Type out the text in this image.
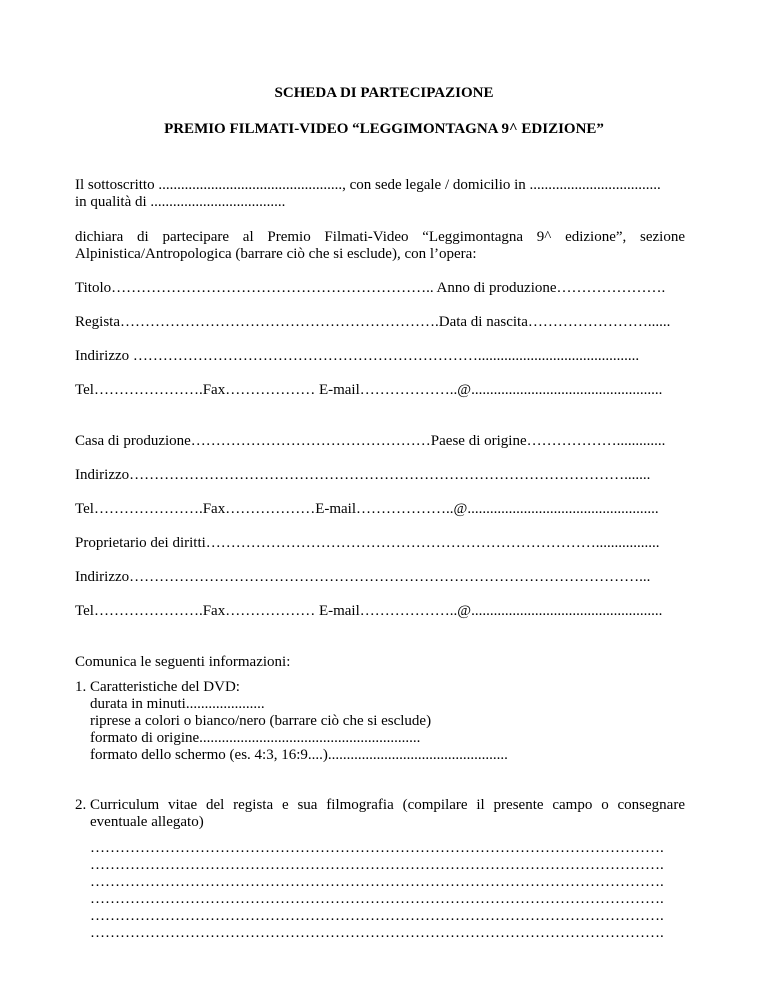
SCHEDA DI PARTECIPAZIONE
PREMIO FILMATI-VIDEO “LEGGIMONTAGNA 9^ EDIZIONE”
Il sottoscritto ................................................., con sede legale / domicilio in ...................................
in qualità di ....................................
dichiara di partecipare al Premio Filmati-Video “Leggimontagna 9^ edizione”, sezione
Alpinistica/Antropologica (barrare ciò che si esclude), con l’opera:
Titolo……………………………………………………….. Anno di produzione………………….
Regista……………………………………………………….Data di nascita……………………......
Indirizzo ……………………………………………………………...........................................
Tel………………….Fax……………… E-mail………………..@...................................................
Casa di produzione…………………………………………Paese di origine……………….............
Indirizzo……………………………………………………………………………………….......
Tel………………….Fax………………E-mail………………..@...................................................
Proprietario dei diritti…………………………………………………………………….................
Indirizzo…………………………………………………………………………………………...
Tel………………….Fax……………… E-mail………………..@...................................................
Comunica le seguenti informazioni:
1. Caratteristiche del DVD:
durata in minuti.....................
riprese a colori o bianco/nero (barrare ciò che si esclude)
formato di origine...........................................................
formato dello schermo (es. 4:3, 16:9....)................................................
2. Curriculum vitae del regista e sua filmografia (compilare il presente campo o consegnare
eventuale allegato)
…………………………………………………………………………………………………….
…………………………………………………………………………………………………….
…………………………………………………………………………………………………….
…………………………………………………………………………………………………….
…………………………………………………………………………………………………….
…………………………………………………………………………………………………….
